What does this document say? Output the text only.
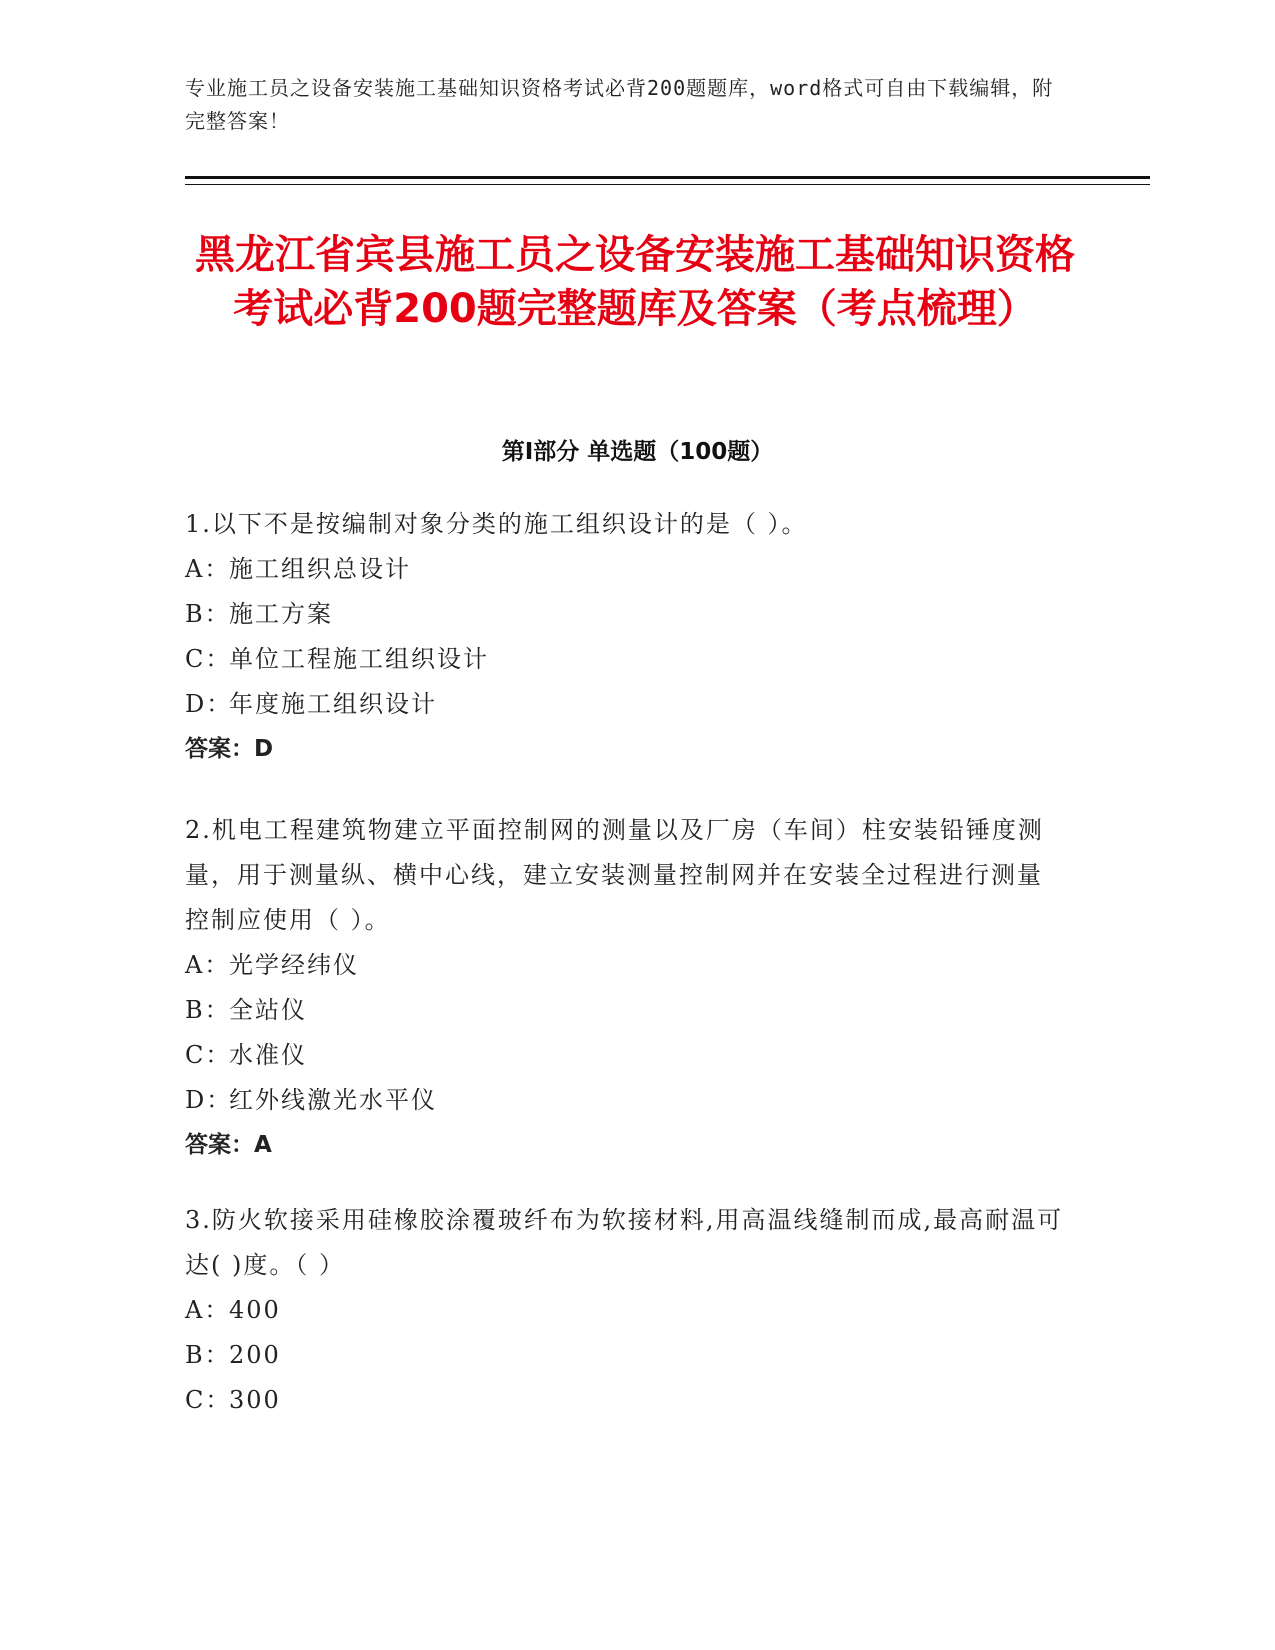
专业施工员之设备安装施工基础知识资格考试必背200题题库，word格式可自由下载编辑，附完整答案！
黑龙江省宾县施工员之设备安装施工基础知识资格考试必背200题完整题库及答案（考点梳理）
第I部分 单选题（100题）

1.以下不是按编制对象分类的施工组织设计的是（ ）。

A：
施工组织总设计

B：
施工方案

C：
单位工程施工组织设计

D：
年度施工组织设计

答案：D

2.机电工程建筑物建立平面控制网的测量以及厂房（车间）柱安装铅锤度测量，用于测量纵、横中心线，建立安装测量控制网并在安装全过程进行测量控制应使用（ ）。

A：
光学经纬仪

B：
全站仪

C：
水准仪

D：
红外线激光水平仪

答案：A

3.防火软接采用硅橡胶涂覆玻纤布为软接材料,用高温线缝制而成,最高耐温可达( )度。（ ）

A：
400

B：
200

C：
300
